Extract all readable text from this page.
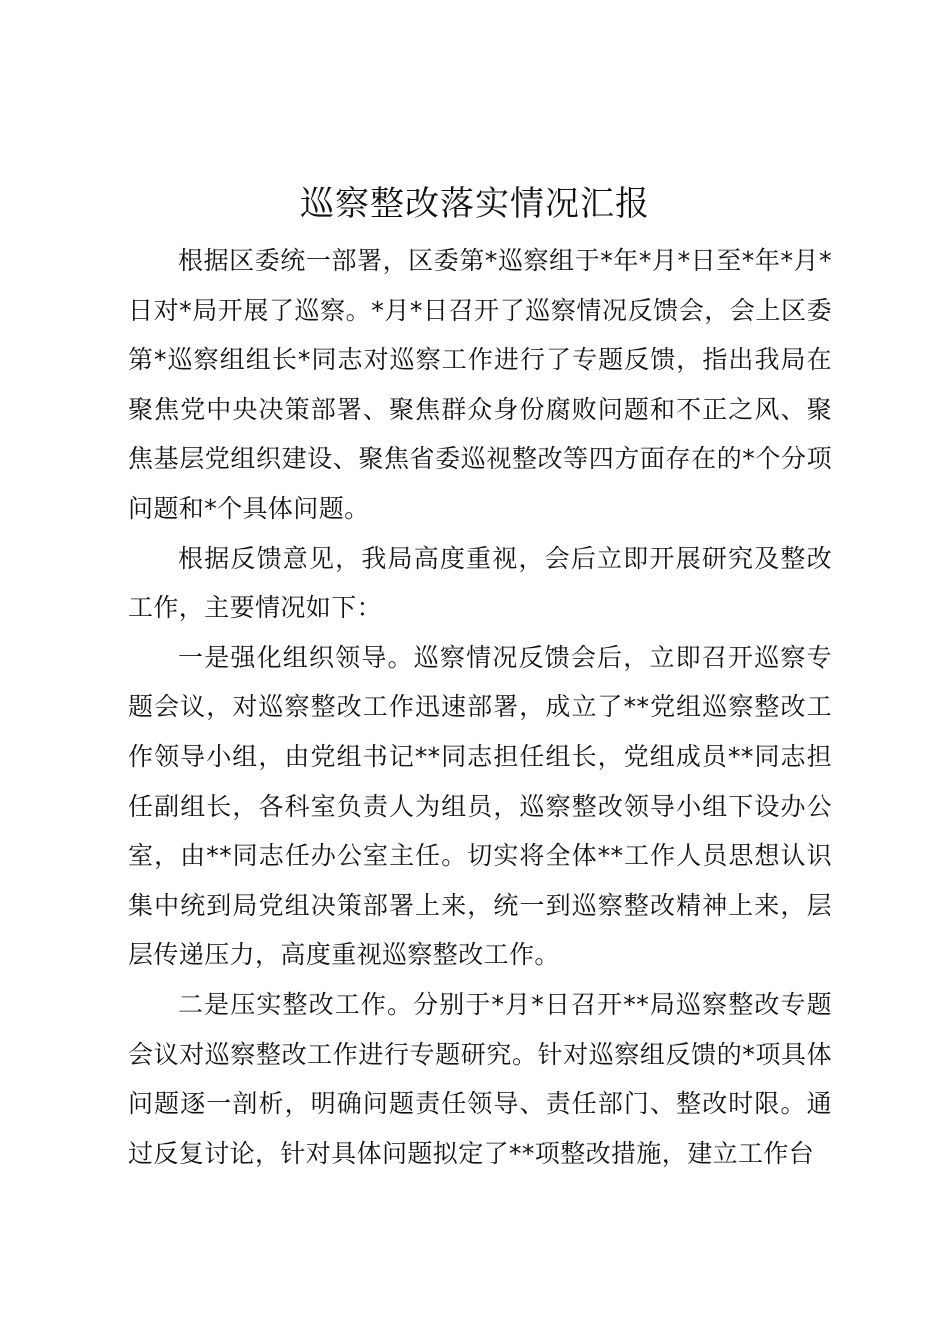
巡察整改落实情况汇报

根据区委统一部署，区委第*巡察组于*年*月*日至*年*月*日对*局开展了巡察。*月*日召开了巡察情况反馈会，会上区委第*巡察组组长*同志对巡察工作进行了专题反馈，指出我局在聚焦党中央决策部署、聚焦群众身份腐败问题和不正之风、聚焦基层党组织建设、聚焦省委巡视整改等四方面存在的*个分项问题和*个具体问题。

根据反馈意见，我局高度重视，会后立即开展研究及整改工作，主要情况如下：

一是强化组织领导。巡察情况反馈会后，立即召开巡察专题会议，对巡察整改工作迅速部署，成立了**党组巡察整改工作领导小组，由党组书记**同志担任组长，党组成员**同志担任副组长，各科室负责人为组员，巡察整改领导小组下设办公室，由**同志任办公室主任。切实将全体**工作人员思想认识集中统到局党组决策部署上来，统一到巡察整改精神上来，层层传递压力，高度重视巡察整改工作。

二是压实整改工作。分别于*月*日召开**局巡察整改专题会议对巡察整改工作进行专题研究。针对巡察组反馈的*项具体问题逐一剖析，明确问题责任领导、责任部门、整改时限。通过反复讨论，针对具体问题拟定了**项整改措施，建立工作台
